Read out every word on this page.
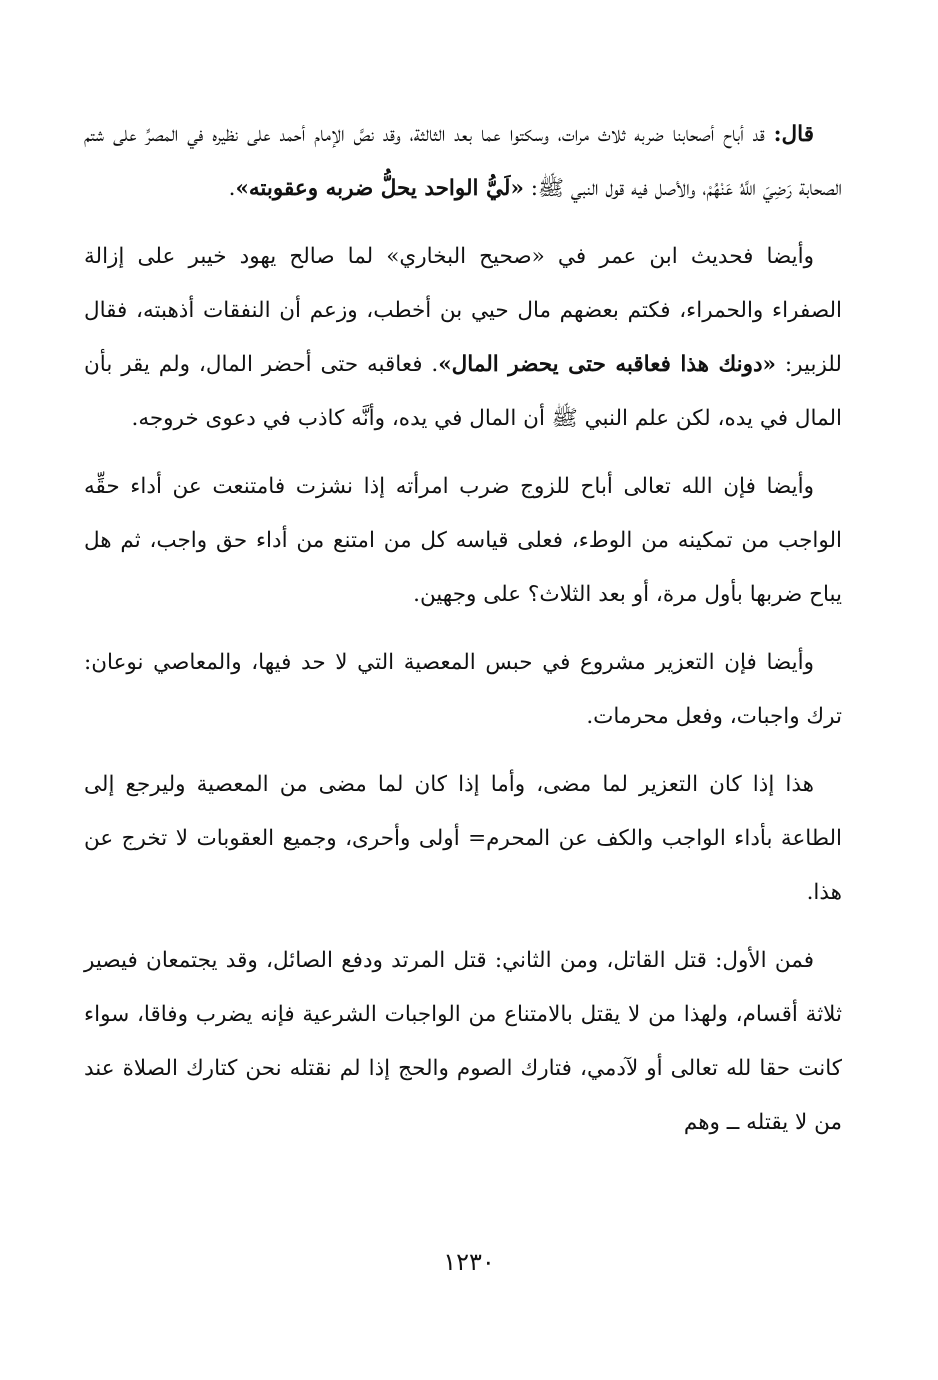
قال: قد أباح أصحابنا ضربه ثلاث مرات، وسكتوا عما بعد الثالثة، وقد نصَّ الإمام أحمد على نظيره في المصرِّ على شتم الصحابة رَضِيَ اللَّهُ عَنْهُمْ، والأصل فيه قول النبي ﷺ: «لَيُّ الواحد يحلُّ ضربه وعقوبته».

وأيضا فحديث ابن عمر في «صحيح البخاري» لما صالح يهود خيبر على إزالة الصفراء والحمراء، فكتم بعضهم مال حيي بن أخطب، وزعم أن النفقات أذهبته، فقال للزبير: «دونك هذا فعاقبه حتى يحضر المال». فعاقبه حتى أحضر المال، ولم يقر بأن المال في يده، لكن علم النبي ﷺ أن المال في يده، وأنَّه كاذب في دعوى خروجه.

وأيضا فإن الله تعالى أباح للزوج ضرب امرأته إذا نشزت فامتنعت عن أداء حقِّه الواجب من تمكينه من الوطء، فعلى قياسه كل من امتنع من أداء حق واجب، ثم هل يباح ضربها بأول مرة، أو بعد الثلاث؟ على وجهين.

وأيضا فإن التعزير مشروع في حبس المعصية التي لا حد فيها، والمعاصي نوعان: ترك واجبات، وفعل محرمات.

هذا إذا كان التعزير لما مضى، وأما إذا كان لما مضى من المعصية وليرجع إلى الطاعة بأداء الواجب والكف عن المحرم= أولى وأحرى، وجميع العقوبات لا تخرج عن هذا.

فمن الأول: قتل القاتل، ومن الثاني: قتل المرتد ودفع الصائل، وقد يجتمعان فيصير ثلاثة أقسام، ولهذا من لا يقتل بالامتناع من الواجبات الشرعية فإنه يضرب وفاقا، سواء كانت حقا لله تعالى أو لآدمي، فتارك الصوم والحج إذا لم نقتله نحن كتارك الصلاة عند من لا يقتله ــ وهم

١٢٣٠
